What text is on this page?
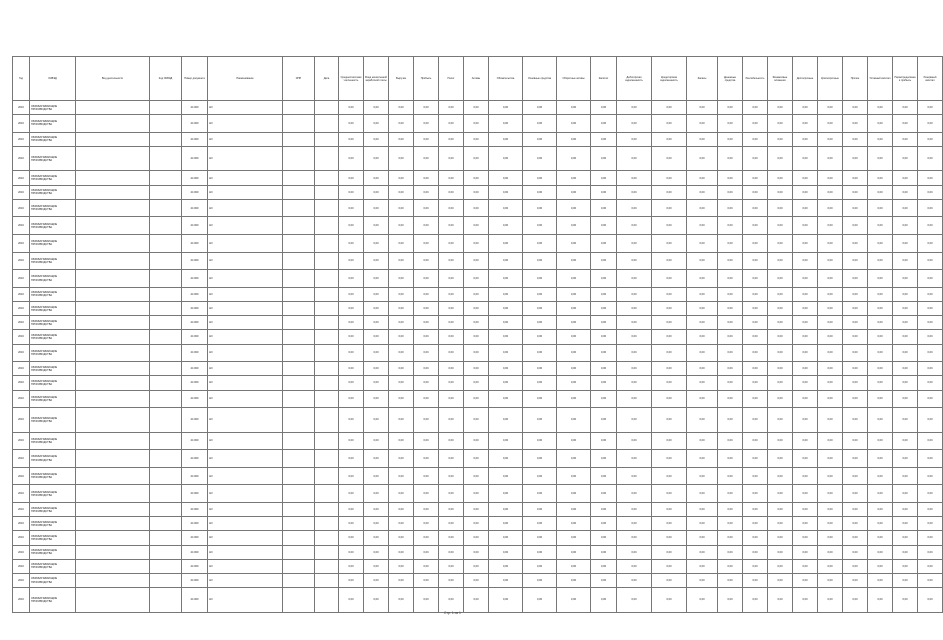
Год	ОКВЭД	Вид деятельности	Код ОКВЭД	Номер документа	Наименование	ИНН	Дата	Среднесписочная численность	Фонд начисленной заработной платы	Выручка	Прибыль	Налог	Активы	Обязательства	Основные средства	Оборотные активы	Капитал	Дебиторская задолженность	Кредиторская задолженность	Запасы	Денежные средства	Рентабельность	Финансовые вложения	Долгосрочные	Краткосрочные	Прочие	Уставный капитал	Нераспределённая прибыль	Резервный капитал
2016	ОБРАБАТЫВАЮЩИЕ ПРОИЗВОДСТВА			44 000	АО			0,00	0,00	0,00	0,00	0,00	0,00	0,00	0,00	0,00	0,00	0,00	0,00	0,00	0,00	0,00	0,00	0,00	0,00	0,00	0,00	0,00	0,00
2016	ОБРАБАТЫВАЮЩИЕ ПРОИЗВОДСТВА			44 000	АО			0,00	0,00	0,00	0,00	0,00	0,00	0,00	0,00	0,00	0,00	0,00	0,00	0,00	0,00	0,00	0,00	0,00	0,00	0,00	0,00	0,00	0,00
2016	ОБРАБАТЫВАЮЩИЕ ПРОИЗВОДСТВА			44 000	АО			0,00	0,00	0,00	0,00	0,00	0,00	0,00	0,00	0,00	0,00	0,00	0,00	0,00	0,00	0,00	0,00	0,00	0,00	0,00	0,00	0,00	0,00
2016	ОБРАБАТЫВАЮЩИЕ ПРОИЗВОДСТВА			44 000	АО			0,00	0,00	0,00	0,00	0,00	0,00	0,00	0,00	0,00	0,00	0,00	0,00	0,00	0,00	0,00	0,00	0,00	0,00	0,00	0,00	0,00	0,00
2016	ОБРАБАТЫВАЮЩИЕ ПРОИЗВОДСТВА			44 000	АО			0,00	0,00	0,00	0,00	0,00	0,00	0,00	0,00	0,00	0,00	0,00	0,00	0,00	0,00	0,00	0,00	0,00	0,00	0,00	0,00	0,00	0,00
2016	ОБРАБАТЫВАЮЩИЕ ПРОИЗВОДСТВА			44 000	АО			0,00	0,00	0,00	0,00	0,00	0,00	0,00	0,00	0,00	0,00	0,00	0,00	0,00	0,00	0,00	0,00	0,00	0,00	0,00	0,00	0,00	0,00
2016	ОБРАБАТЫВАЮЩИЕ ПРОИЗВОДСТВА			44 000	АО			0,00	0,00	0,00	0,00	0,00	0,00	0,00	0,00	0,00	0,00	0,00	0,00	0,00	0,00	0,00	0,00	0,00	0,00	0,00	0,00	0,00	0,00
2016	ОБРАБАТЫВАЮЩИЕ ПРОИЗВОДСТВА			44 000	АО			0,00	0,00	0,00	0,00	0,00	0,00	0,00	0,00	0,00	0,00	0,00	0,00	0,00	0,00	0,00	0,00	0,00	0,00	0,00	0,00	0,00	0,00
2016	ОБРАБАТЫВАЮЩИЕ ПРОИЗВОДСТВА			44 000	АО			0,00	0,00	0,00	0,00	0,00	0,00	0,00	0,00	0,00	0,00	0,00	0,00	0,00	0,00	0,00	0,00	0,00	0,00	0,00	0,00	0,00	0,00
2016	ОБРАБАТЫВАЮЩИЕ ПРОИЗВОДСТВА			44 000	АО			0,00	0,00	0,00	0,00	0,00	0,00	0,00	0,00	0,00	0,00	0,00	0,00	0,00	0,00	0,00	0,00	0,00	0,00	0,00	0,00	0,00	0,00
2016	ОБРАБАТЫВАЮЩИЕ ПРОИЗВОДСТВА			44 000	АО			0,00	0,00	0,00	0,00	0,00	0,00	0,00	0,00	0,00	0,00	0,00	0,00	0,00	0,00	0,00	0,00	0,00	0,00	0,00	0,00	0,00	0,00
2016	ОБРАБАТЫВАЮЩИЕ ПРОИЗВОДСТВА			44 000	АО			0,00	0,00	0,00	0,00	0,00	0,00	0,00	0,00	0,00	0,00	0,00	0,00	0,00	0,00	0,00	0,00	0,00	0,00	0,00	0,00	0,00	0,00
2016	ОБРАБАТЫВАЮЩИЕ ПРОИЗВОДСТВА			44 000	АО			0,00	0,00	0,00	0,00	0,00	0,00	0,00	0,00	0,00	0,00	0,00	0,00	0,00	0,00	0,00	0,00	0,00	0,00	0,00	0,00	0,00	0,00
2016	ОБРАБАТЫВАЮЩИЕ ПРОИЗВОДСТВА			44 000	АО			0,00	0,00	0,00	0,00	0,00	0,00	0,00	0,00	0,00	0,00	0,00	0,00	0,00	0,00	0,00	0,00	0,00	0,00	0,00	0,00	0,00	0,00
2016	ОБРАБАТЫВАЮЩИЕ ПРОИЗВОДСТВА			44 000	АО			0,00	0,00	0,00	0,00	0,00	0,00	0,00	0,00	0,00	0,00	0,00	0,00	0,00	0,00	0,00	0,00	0,00	0,00	0,00	0,00	0,00	0,00
2016	ОБРАБАТЫВАЮЩИЕ ПРОИЗВОДСТВА			44 000	АО			0,00	0,00	0,00	0,00	0,00	0,00	0,00	0,00	0,00	0,00	0,00	0,00	0,00	0,00	0,00	0,00	0,00	0,00	0,00	0,00	0,00	0,00
2016	ОБРАБАТЫВАЮЩИЕ ПРОИЗВОДСТВА			44 000	АО			0,00	0,00	0,00	0,00	0,00	0,00	0,00	0,00	0,00	0,00	0,00	0,00	0,00	0,00	0,00	0,00	0,00	0,00	0,00	0,00	0,00	0,00
2016	ОБРАБАТЫВАЮЩИЕ ПРОИЗВОДСТВА			44 000	АО			0,00	0,00	0,00	0,00	0,00	0,00	0,00	0,00	0,00	0,00	0,00	0,00	0,00	0,00	0,00	0,00	0,00	0,00	0,00	0,00	0,00	0,00
2016	ОБРАБАТЫВАЮЩИЕ ПРОИЗВОДСТВА			44 000	АО			0,00	0,00	0,00	0,00	0,00	0,00	0,00	0,00	0,00	0,00	0,00	0,00	0,00	0,00	0,00	0,00	0,00	0,00	0,00	0,00	0,00	0,00
2016	ОБРАБАТЫВАЮЩИЕ ПРОИЗВОДСТВА			44 000	АО			0,00	0,00	0,00	0,00	0,00	0,00	0,00	0,00	0,00	0,00	0,00	0,00	0,00	0,00	0,00	0,00	0,00	0,00	0,00	0,00	0,00	0,00
2016	ОБРАБАТЫВАЮЩИЕ ПРОИЗВОДСТВА			44 000	АО			0,00	0,00	0,00	0,00	0,00	0,00	0,00	0,00	0,00	0,00	0,00	0,00	0,00	0,00	0,00	0,00	0,00	0,00	0,00	0,00	0,00	0,00
2016	ОБРАБАТЫВАЮЩИЕ ПРОИЗВОДСТВА			44 000	АО			0,00	0,00	0,00	0,00	0,00	0,00	0,00	0,00	0,00	0,00	0,00	0,00	0,00	0,00	0,00	0,00	0,00	0,00	0,00	0,00	0,00	0,00
2016	ОБРАБАТЫВАЮЩИЕ ПРОИЗВОДСТВА			44 000	АО			0,00	0,00	0,00	0,00	0,00	0,00	0,00	0,00	0,00	0,00	0,00	0,00	0,00	0,00	0,00	0,00	0,00	0,00	0,00	0,00	0,00	0,00
2016	ОБРАБАТЫВАЮЩИЕ ПРОИЗВОДСТВА			44 000	АО			0,00	0,00	0,00	0,00	0,00	0,00	0,00	0,00	0,00	0,00	0,00	0,00	0,00	0,00	0,00	0,00	0,00	0,00	0,00	0,00	0,00	0,00
2016	ОБРАБАТЫВАЮЩИЕ ПРОИЗВОДСТВА			44 000	АО			0,00	0,00	0,00	0,00	0,00	0,00	0,00	0,00	0,00	0,00	0,00	0,00	0,00	0,00	0,00	0,00	0,00	0,00	0,00	0,00	0,00	0,00
2016	ОБРАБАТЫВАЮЩИЕ ПРОИЗВОДСТВА			44 000	АО			0,00	0,00	0,00	0,00	0,00	0,00	0,00	0,00	0,00	0,00	0,00	0,00	0,00	0,00	0,00	0,00	0,00	0,00	0,00	0,00	0,00	0,00
2016	ОБРАБАТЫВАЮЩИЕ ПРОИЗВОДСТВА			44 000	АО			0,00	0,00	0,00	0,00	0,00	0,00	0,00	0,00	0,00	0,00	0,00	0,00	0,00	0,00	0,00	0,00	0,00	0,00	0,00	0,00	0,00	0,00
2016	ОБРАБАТЫВАЮЩИЕ ПРОИЗВОДСТВА			44 000	АО			0,00	0,00	0,00	0,00	0,00	0,00	0,00	0,00	0,00	0,00	0,00	0,00	0,00	0,00	0,00	0,00	0,00	0,00	0,00	0,00	0,00	0,00
2016	ОБРАБАТЫВАЮЩИЕ ПРОИЗВОДСТВА			44 000	АО			0,00	0,00	0,00	0,00	0,00	0,00	0,00	0,00	0,00	0,00	0,00	0,00	0,00	0,00	0,00	0,00	0,00	0,00	0,00	0,00	0,00	0,00
2016	ОБРАБАТЫВАЮЩИЕ ПРОИЗВОДСТВА			44 000	АО			0,00	0,00	0,00	0,00	0,00	0,00	0,00	0,00	0,00	0,00	0,00	0,00	0,00	0,00	0,00	0,00	0,00	0,00	0,00	0,00	0,00	0,00
2016	ОБРАБАТЫВАЮЩИЕ ПРОИЗВОДСТВА			44 000	АО			0,00	0,00	0,00	0,00	0,00	0,00	0,00	0,00	0,00	0,00	0,00	0,00	0,00	0,00	0,00	0,00	0,00	0,00	0,00	0,00	0,00	0,00
Стр. 1 из 1
